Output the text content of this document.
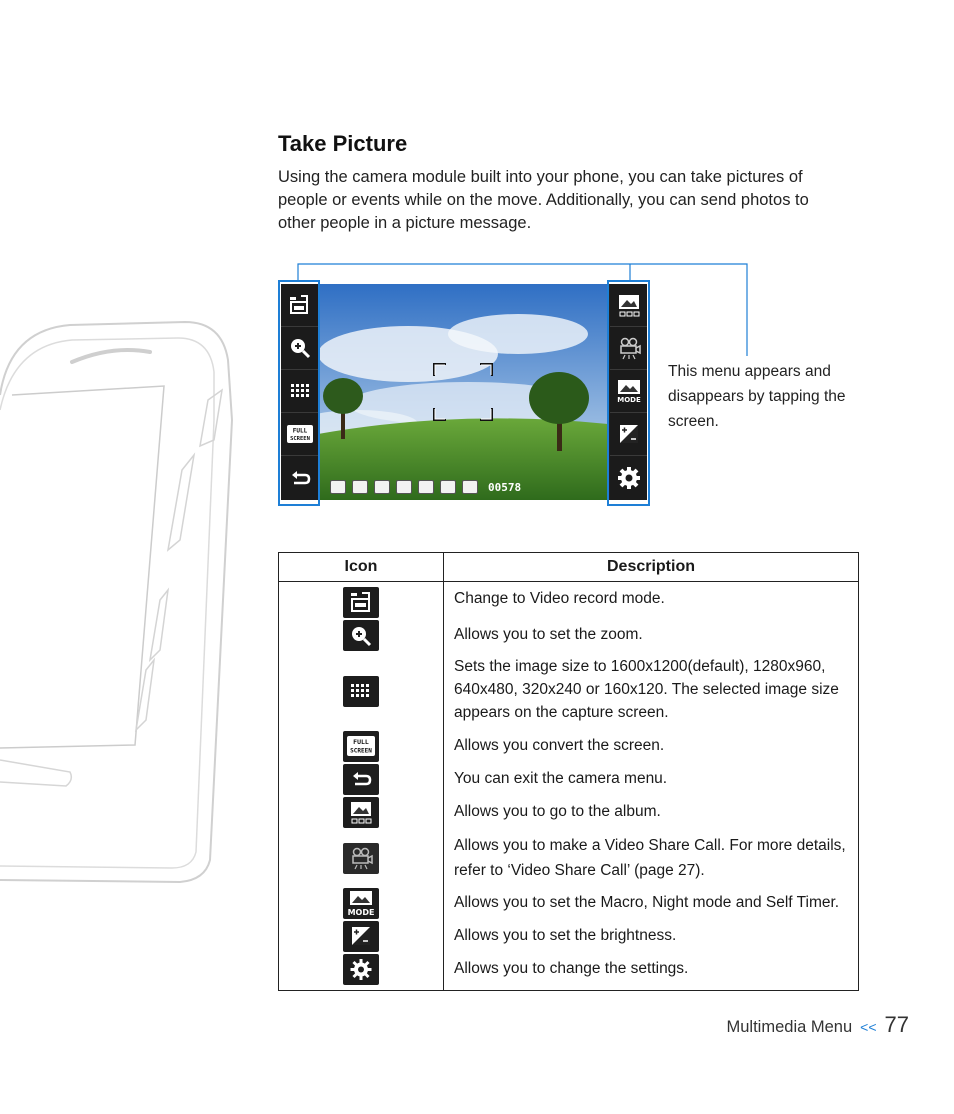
Take Picture

Using the camera module built into your phone, you can take pictures of people or events while on the move. Additionally, you can send photos to other people in a picture message.

FULL
SCREEN
MODE
00578

This menu appears and disappears by tapping the screen.

Icon	Description

	Change to Video record mode.

	Allows you to set the zoom.

	Sets the image size to 1600x1200(default), 1280x960, 640x480, 320x240 or 160x120. The selected image size appears on the capture screen.

FULL
SCREEN	Allows you convert the screen.

	You can exit the camera menu.

	Allows you to go to the album.

	Allows you to make a Video Share Call. For more details, refer to ‘Video Share Call’ (page 27).

MODE	Allows you to set the Macro, Night mode and Self Timer.

	Allows you to set the brightness.

	Allows you to change the settings.
Multimedia Menu << 77
